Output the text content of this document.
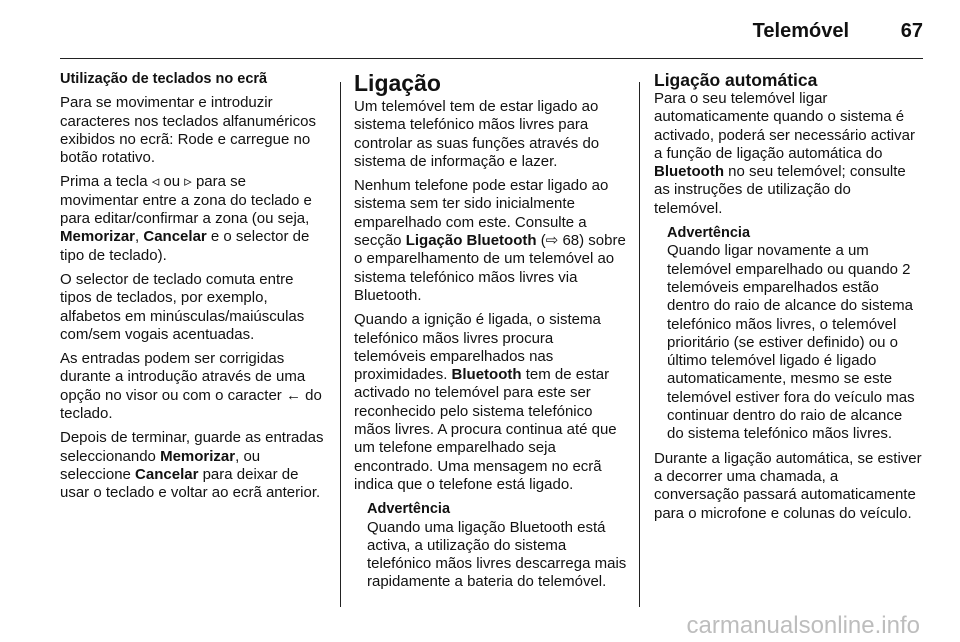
Telemóvel	67

Utilização de teclados no ecrã

Para se movimentar e introduzir caracteres nos teclados alfanuméricos exibidos no ecrã: Rode e carregue no botão rotativo.

Prima a tecla ◃ ou ▹ para se movimentar entre a zona do teclado e para editar/confirmar a zona (ou seja, Memorizar, Cancelar e o selector de tipo de teclado).

O selector de teclado comuta entre tipos de teclados, por exemplo, alfabetos em minúsculas/maiúsculas com/sem vogais acentuadas.

As entradas podem ser corrigidas durante a introdução através de uma opção no visor ou com o caracter ← do teclado.

Depois de terminar, guarde as entradas seleccionando Memorizar, ou seleccione Cancelar para deixar de usar o teclado e voltar ao ecrã anterior.

Ligação

Um telemóvel tem de estar ligado ao sistema telefónico mãos livres para controlar as suas funções através do sistema de informação e lazer.

Nenhum telefone pode estar ligado ao sistema sem ter sido inicialmente emparelhado com este. Consulte a secção Ligação Bluetooth (⇨ 68) sobre o emparelhamento de um telemóvel ao sistema telefónico mãos livres via Bluetooth.

Quando a ignição é ligada, o sistema telefónico mãos livres procura telemóveis emparelhados nas proximidades. Bluetooth tem de estar activado no telemóvel para este ser reconhecido pelo sistema telefónico mãos livres. A procura continua até que um telefone emparelhado seja encontrado. Uma mensagem no ecrã indica que o telefone está ligado.

Advertência
Quando uma ligação Bluetooth está activa, a utilização do sistema telefónico mãos livres descarrega mais rapidamente a bateria do telemóvel.
Ligação automática

Para o seu telemóvel ligar automaticamente quando o sistema é activado, poderá ser necessário activar a função de ligação automática do Bluetooth no seu telemóvel; consulte as instruções de utilização do telemóvel.

Advertência
Quando ligar novamente a um telemóvel emparelhado ou quando 2 telemóveis emparelhados estão dentro do raio de alcance do sistema telefónico mãos livres, o telemóvel prioritário (se estiver definido) ou o último telemóvel ligado é ligado automaticamente, mesmo se este telemóvel estiver fora do veículo mas continuar dentro do raio de alcance do sistema telefónico mãos livres.

Durante a ligação automática, se estiver a decorrer uma chamada, a conversação passará automaticamente para o microfone e colunas do veículo.

carmanualsonline.info
